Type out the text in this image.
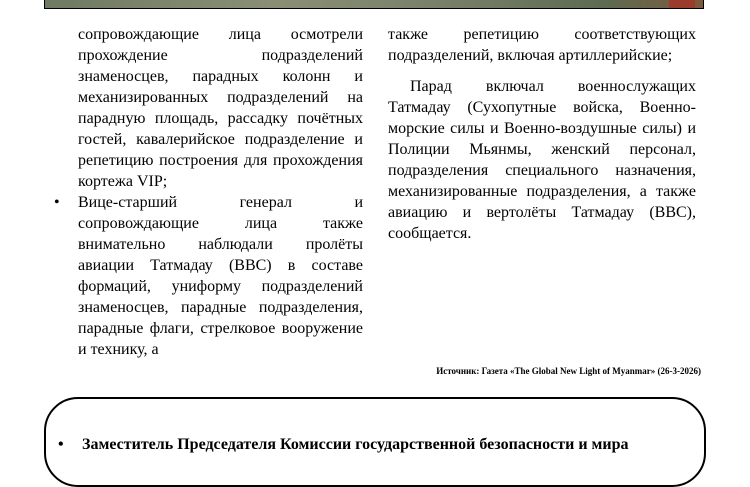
сопровождающие лица осмотрели прохождение подразделений знаменосцев, парадных колонн и механизированных подразделений на парадную площадь, рассадку почётных гостей, кавалерийское подразделение и репетицию построения для прохождения кортежа VIP;

• Вице-старший генерал и сопровождающие лица также внимательно наблюдали пролёты авиации Татмадау (ВВС) в составе формаций, униформу подразделений знаменосцев, парадные подразделения, парадные флаги, стрелковое вооружение и технику, а

также репетицию соответствующих подразделений, включая артиллерийские;

Парад включал военнослужащих Татмадау (Сухопутные войска, Военно-морские силы и Военно-воздушные силы) и Полиции Мьянмы, женский персонал, подразделения специального назначения, механизированные подразделения, а также авиацию и вертолёты Татмадау (ВВС), сообщается.

Источник: Газета «The Global New Light of Myanmar» (26-3-2026)
• Заместитель Председателя Комиссии государственной безопасности и мира
